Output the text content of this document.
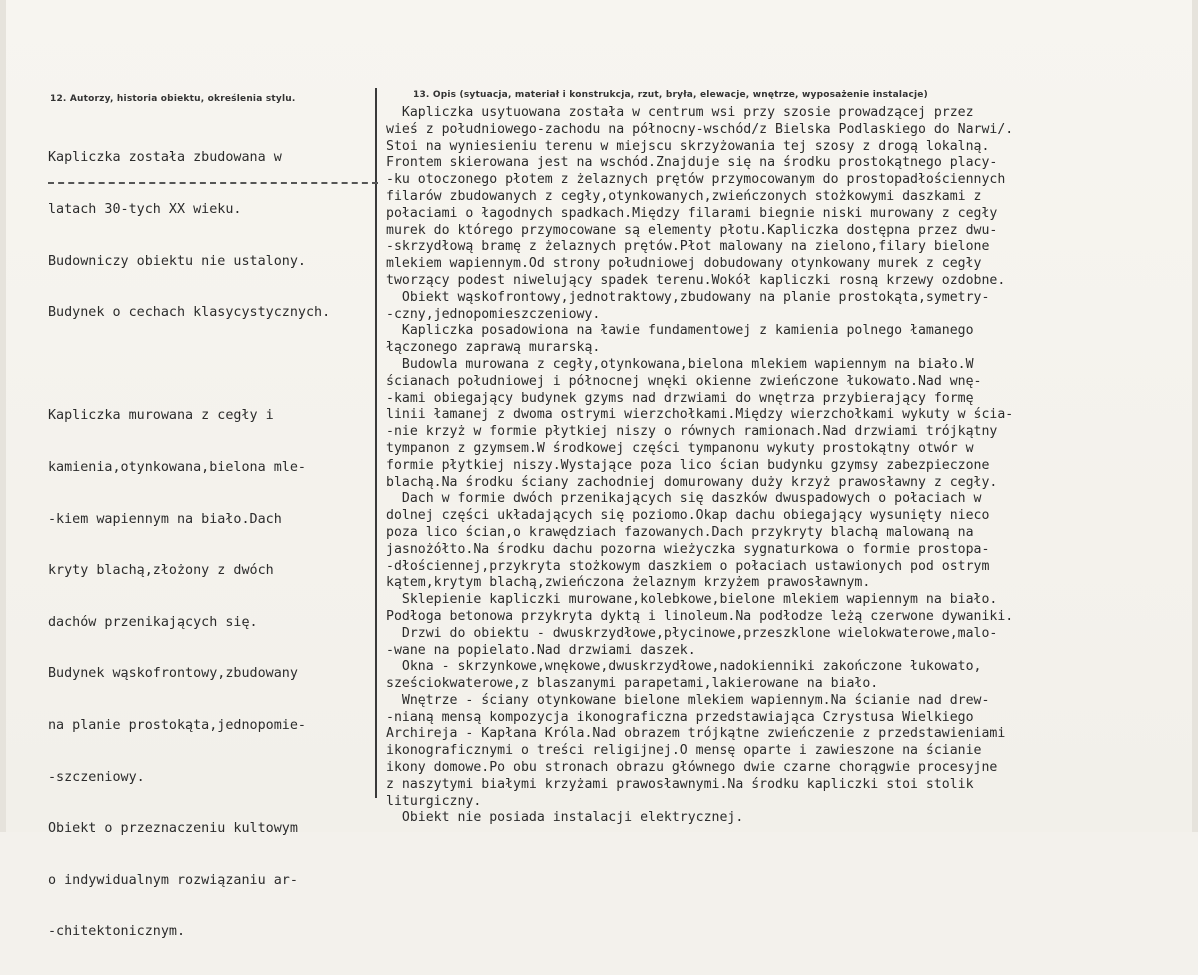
12. Autorzy, historia obiektu, określenia stylu.	13. Opis (sytuacja, materiał i konstrukcja, rzut, bryła, elewacje, wnętrze, wyposażenie instalacje)

Kapliczka została zbudowana w

latach 30-tych XX wieku.

Budowniczy obiektu nie ustalony.

Budynek o cechach klasycystycznych.

Kapliczka murowana z cegły i

kamienia,otynkowana,bielona mle-

-kiem wapiennym na biało.Dach

kryty blachą,złożony z dwóch

dachów przenikających się.

Budynek wąskofrontowy,zbudowany

na planie prostokąta,jednopomie-

-szczeniowy.

Obiekt o przeznaczeniu kultowym

o indywidualnym rozwiązaniu ar-

-chitektonicznym.

Kapliczka usytuowana została w centrum wsi przy szosie prowadzącej przez
wieś z południowego-zachodu na północny-wschód/z Bielska Podlaskiego do Narwi/.
Stoi na wyniesieniu terenu w miejscu skrzyżowania tej szosy z drogą lokalną.
Frontem skierowana jest na wschód.Znajduje się na środku prostokątnego placy-
-ku otoczonego płotem z żelaznych prętów przymocowanym do prostopadłościennych
filarów zbudowanych z cegły,otynkowanych,zwieńczonych stożkowymi daszkami z
połaciami o łagodnych spadkach.Między filarami biegnie niski murowany z cegły
murek do którego przymocowane są elementy płotu.Kapliczka dostępna przez dwu-
-skrzydłową bramę z żelaznych prętów.Płot malowany na zielono,filary bielone
mlekiem wapiennym.Od strony południowej dobudowany otynkowany murek z cegły
tworzący podest niwelujący spadek terenu.Wokół kapliczki rosną krzewy ozdobne.
Obiekt wąskofrontowy,jednotraktowy,zbudowany na planie prostokąta,symetry-
-czny,jednopomieszczeniowy.
Kapliczka posadowiona na ławie fundamentowej z kamienia polnego łamanego
łączonego zaprawą murarską.
Budowla murowana z cegły,otynkowana,bielona mlekiem wapiennym na biało.W
ścianach południowej i północnej wnęki okienne zwieńczone łukowato.Nad wnę-
-kami obiegający budynek gzyms nad drzwiami do wnętrza przybierający formę
linii łamanej z dwoma ostrymi wierzchołkami.Między wierzchołkami wykuty w ścia-
-nie krzyż w formie płytkiej niszy o równych ramionach.Nad drzwiami trójkątny
tympanon z gzymsem.W środkowej części tympanonu wykuty prostokątny otwór w
formie płytkiej niszy.Wystające poza lico ścian budynku gzymsy zabezpieczone
blachą.Na środku ściany zachodniej domurowany duży krzyż prawosławny z cegły.
Dach w formie dwóch przenikających się daszków dwuspadowych o połaciach w
dolnej części układających się poziomo.Okap dachu obiegający wysunięty nieco
poza lico ścian,o krawędziach fazowanych.Dach przykryty blachą malowaną na
jasnożółto.Na środku dachu pozorna wieżyczka sygnaturkowa o formie prostopa-
-dłościennej,przykryta stożkowym daszkiem o połaciach ustawionych pod ostrym
kątem,krytym blachą,zwieńczona żelaznym krzyżem prawosławnym.
Sklepienie kapliczki murowane,kolebkowe,bielone mlekiem wapiennym na biało.
Podłoga betonowa przykryta dyktą i linoleum.Na podłodze leżą czerwone dywaniki.
Drzwi do obiektu - dwuskrzydłowe,płycinowe,przeszklone wielokwaterowe,malo-
-wane na popielato.Nad drzwiami daszek.
Okna - skrzynkowe,wnękowe,dwuskrzydłowe,nadokienniki zakończone łukowato,
sześciokwaterowe,z blaszanymi parapetami,lakierowane na biało.
Wnętrze - ściany otynkowane bielone mlekiem wapiennym.Na ścianie nad drew-
-nianą mensą kompozycja ikonograficzna przedstawiająca Czrystusa Wielkiego
Archireja - Kapłana Króla.Nad obrazem trójkątne zwieńczenie z przedstawieniami
ikonograficznymi o treści religijnej.O mensę oparte i zawieszone na ścianie
ikony domowe.Po obu stronach obrazu głównego dwie czarne chorągwie procesyjne
z naszytymi białymi krzyżami prawosławnymi.Na środku kapliczki stoi stolik
liturgiczny.
Obiekt nie posiada instalacji elektrycznej.
